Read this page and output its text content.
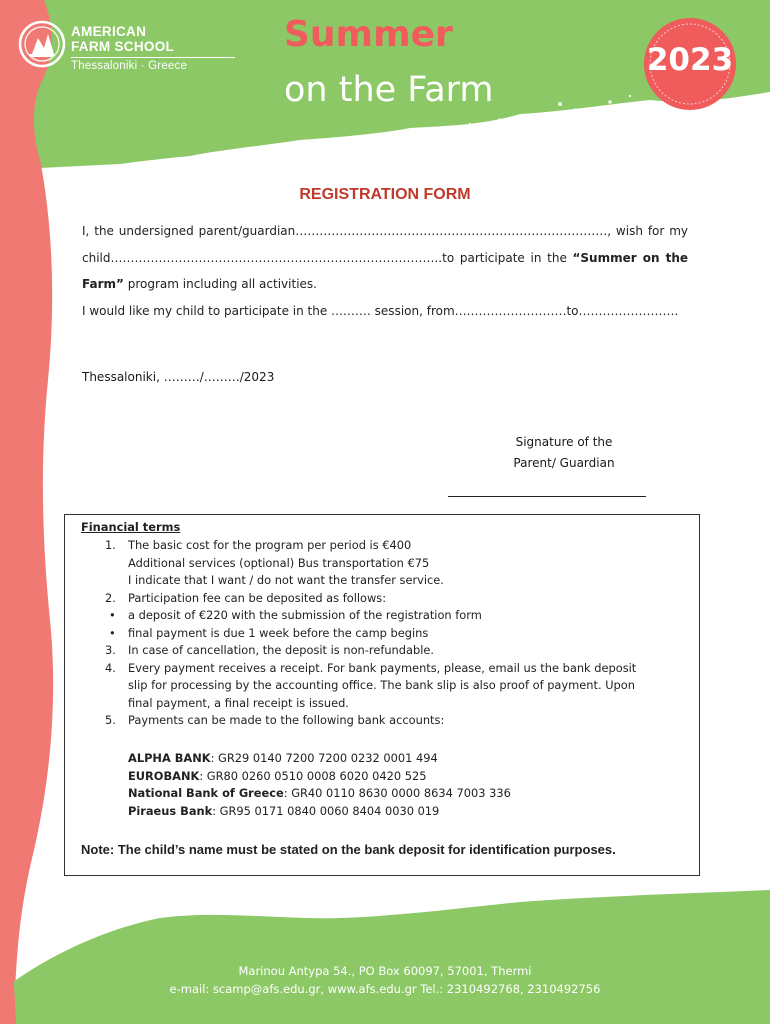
AMERICAN
FARM SCHOOL
Thessaloniki · Greece
Summer
on the Farm
2023
REGISTRATION FORM
I, the undersigned parent/guardian……………………………………………………………………, wish for my child………………………………………………………………………..to participate in the “Summer on the Farm” program including all activities.
I would like my child to participate in the ….…… session, from….……………………to…………………….
Thessaloniki, ………/………/2023
Signature of the
Parent/ Guardian
Financial terms
1. The basic cost for the program per period is €400
Additional services (optional) Bus transportation €75
I indicate that I want / do not want the transfer service.
2. Participation fee can be deposited as follows:
• a deposit of €220 with the submission of the registration form
• final payment is due 1 week before the camp begins
3. In case of cancellation, the deposit is non-refundable.
4. Every payment receives a receipt. For bank payments, please, email us the bank deposit
slip for processing by the accounting office. The bank slip is also proof of payment. Upon
final payment, a final receipt is issued.
5. Payments can be made to the following bank accounts:
ALPHA BANK: GR29 0140 7200 7200 0232 0001 494
EUROBANK: GR80 0260 0510 0008 6020 0420 525
National Bank of Greece: GR40 0110 8630 0000 8634 7003 336
Piraeus Bank: GR95 0171 0840 0060 8404 0030 019
Note: The child’s name must be stated on the bank deposit for identification purposes.
Marinou Antypa 54., PO Box 60097, 57001, Thermi
e-mail: scamp@afs.edu.gr, www.afs.edu.gr Tel.: 2310492768, 2310492756
